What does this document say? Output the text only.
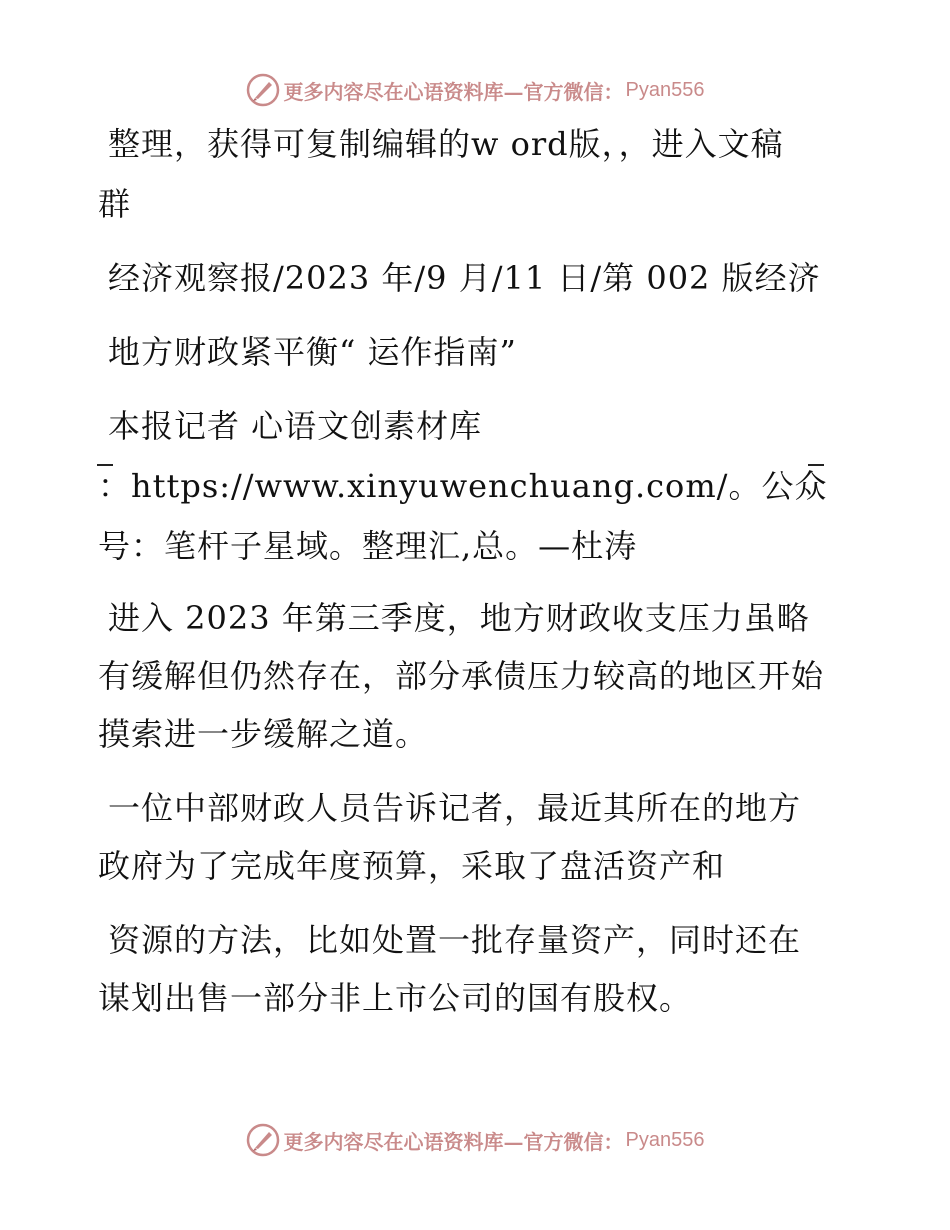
更多内容尽在心语资料库—官方微信： Pyan556

整理，获得可复制编辑的w ord版，，进入文稿

群

经济观察报/2023 年/9 月/11 日/第 002 版经济

地方财政紧平衡“ 运作指南”

本报记者 心语文创素材库

：https://www.xinyuwenchuang.com/。公众

号：笔杆子星域。整理汇,总。—杜涛

进入 2023 年第三季度，地方财政收支压力虽略

有缓解但仍然存在，部分承债压力较高的地区开始

摸索进一步缓解之道。

一位中部财政人员告诉记者，最近其所在的地方

政府为了完成年度预算，采取了盘活资产和

资源的方法，比如处置一批存量资产，同时还在

谋划出售一部分非上市公司的国有股权。

更多内容尽在心语资料库—官方微信： Pyan556
